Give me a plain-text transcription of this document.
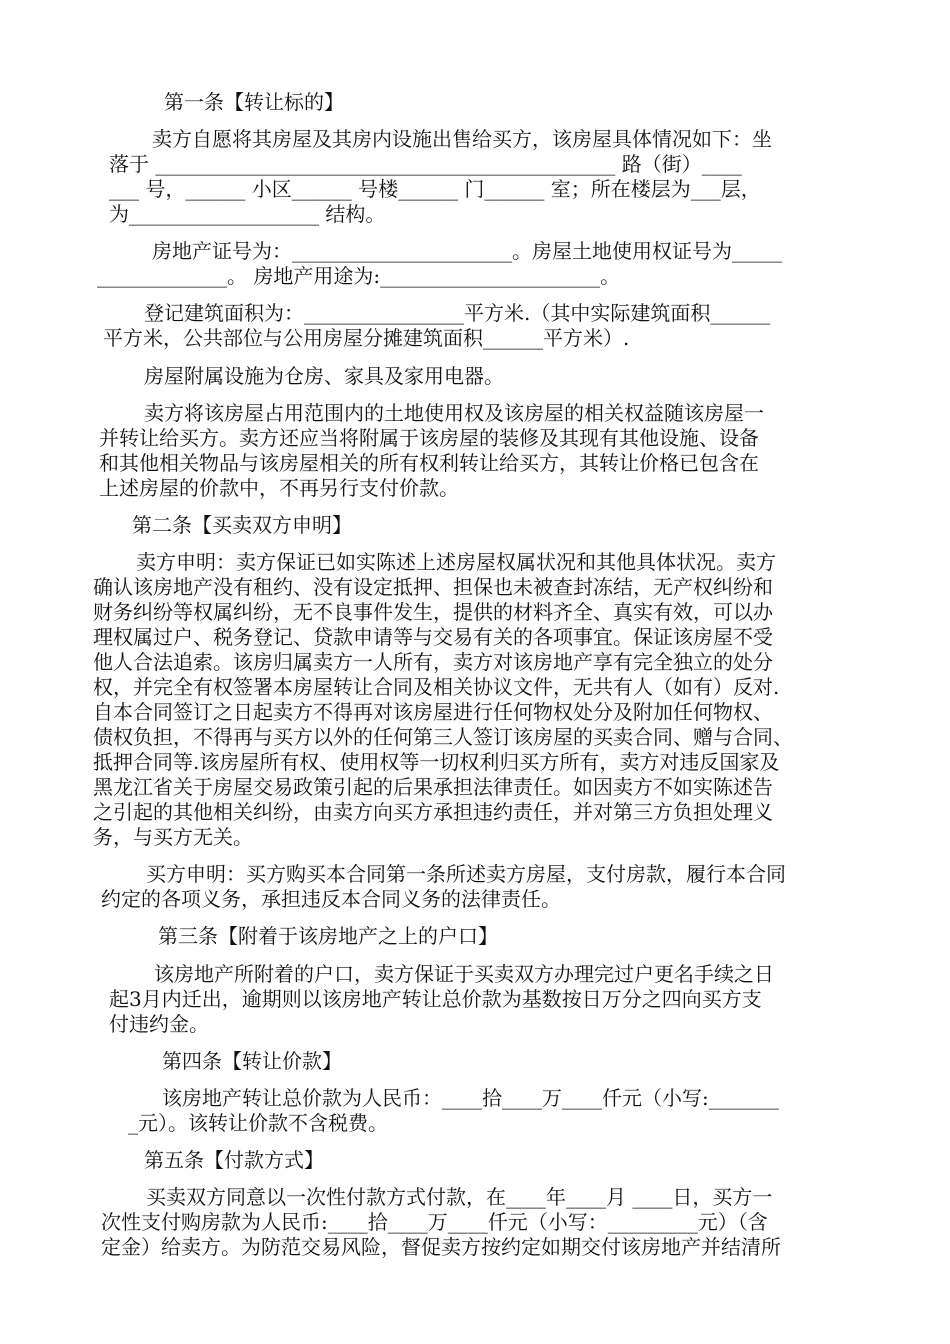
第一条【转让标的】
卖方自愿将其房屋及其房内设施出售给买方，该房屋具体情况如下：坐
落于 ______________________________________________ 路（街）____
___ 号，______ 小区______ 号楼______ 门______ 室；所在楼层为___层，
为___________________ 结构。
房地产证号为：______________________。房屋土地使用权证号为_____
_____________。 房地产用途为:______________________。
登记建筑面积为：________________平方米.（其中实际建筑面积______
平方米，公共部位与公用房屋分摊建筑面积______平方米）.
房屋附属设施为仓房、家具及家用电器。
卖方将该房屋占用范围内的土地使用权及该房屋的相关权益随该房屋一
并转让给买方。卖方还应当将附属于该房屋的装修及其现有其他设施、设备
和其他相关物品与该房屋相关的所有权利转让给买方，其转让价格已包含在
上述房屋的价款中，不再另行支付价款。
第二条【买卖双方申明】
卖方申明：卖方保证已如实陈述上述房屋权属状况和其他具体状况。卖方
确认该房地产没有租约、没有设定抵押、担保也未被查封冻结，无产权纠纷和
财务纠纷等权属纠纷，无不良事件发生，提供的材料齐全、真实有效，可以办
理权属过户、税务登记、贷款申请等与交易有关的各项事宜。保证该房屋不受
他人合法追索。该房归属卖方一人所有，卖方对该房地产享有完全独立的处分
权，并完全有权签署本房屋转让合同及相关协议文件，无共有人（如有）反对.
自本合同签订之日起卖方不得再对该房屋进行任何物权处分及附加任何物权、
债权负担，不得再与买方以外的任何第三人签订该房屋的买卖合同、赠与合同、
抵押合同等.该房屋所有权、使用权等一切权利归买方所有，卖方对违反国家及
黑龙江省关于房屋交易政策引起的后果承担法律责任。如因卖方不如实陈述告
之引起的其他相关纠纷，由卖方向买方承担违约责任，并对第三方负担处理义
务，与买方无关。
买方申明：买方购买本合同第一条所述卖方房屋，支付房款，履行本合同
约定的各项义务，承担违反本合同义务的法律责任。
第三条【附着于该房地产之上的户口】
该房地产所附着的户口，卖方保证于买卖双方办理完过户更名手续之日
起3月内迁出，逾期则以该房地产转让总价款为基数按日万分之四向买方支
付违约金。
第四条【转让价款】
该房地产转让总价款为人民币：____拾____万____仟元（小写:_______
_元）。该转让价款不含税费。
第五条【付款方式】
买卖双方同意以一次性付款方式付款，在____年____月 ____日，买方一
次性支付购房款为人民币:____拾____万____仟元（小写：_________元）（含
定金）给卖方。为防范交易风险，督促卖方按约定如期交付该房地产并结清所
